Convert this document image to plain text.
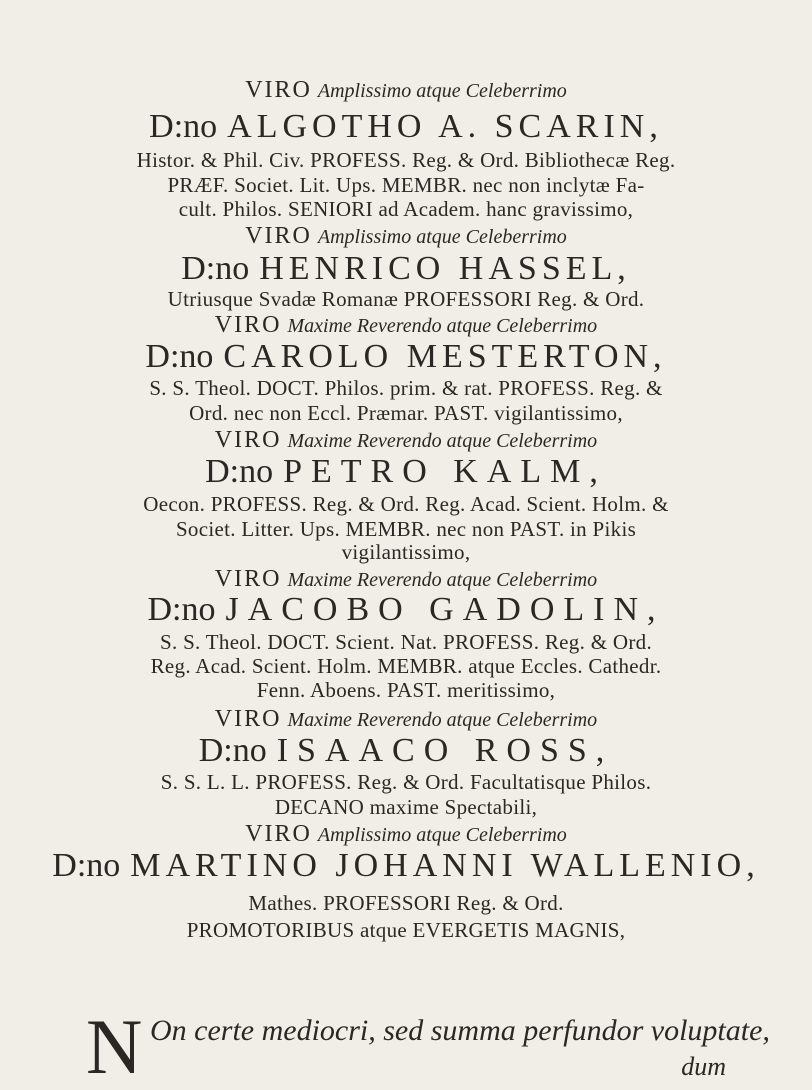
VIRO Amplissimo atque Celeberrimo
D:no ALGOTHO A. SCARIN,
Histor. & Phil. Civ. PROFESS. Reg. & Ord. Bibliothecæ Reg.
PRÆF. Societ. Lit. Ups. MEMBR. nec non inclytæ Fa-
cult. Philos. SENIORI ad Academ. hanc gravissimo,
VIRO Amplissimo atque Celeberrimo
D:no HENRICO HASSEL,
Utriusque Svadæ Romanæ PROFESSORI Reg. & Ord.
VIRO Maxime Reverendo atque Celeberrimo
D:no CAROLO MESTERTON,
S. S. Theol. DOCT. Philos. prim. & rat. PROFESS. Reg. &
Ord. nec non Eccl. Præmar. PAST. vigilantissimo,
VIRO Maxime Reverendo atque Celeberrimo
D:no PETRO KALM,
Oecon. PROFESS. Reg. & Ord. Reg. Acad. Scient. Holm. &
Societ. Litter. Ups. MEMBR. nec non PAST. in Pikis
vigilantissimo,
VIRO Maxime Reverendo atque Celeberrimo
D:no JACOBO GADOLIN,
S. S. Theol. DOCT. Scient. Nat. PROFESS. Reg. & Ord.
Reg. Acad. Scient. Holm. MEMBR. atque Eccles. Cathedr.
Fenn. Aboens. PAST. meritissimo,
VIRO Maxime Reverendo atque Celeberrimo
D:no ISAACO ROSS,
S. S. L. L. PROFESS. Reg. & Ord. Facultatisque Philos.
DECANO maxime Spectabili,
VIRO Amplissimo atque Celeberrimo
D:no MARTINO JOHANNI WALLENIO,
Mathes. PROFESSORI Reg. & Ord.
PROMOTORIBUS atque EVERGETIS MAGNIS,
N On certe mediocri, sed summa perfundor voluptate,
dum
